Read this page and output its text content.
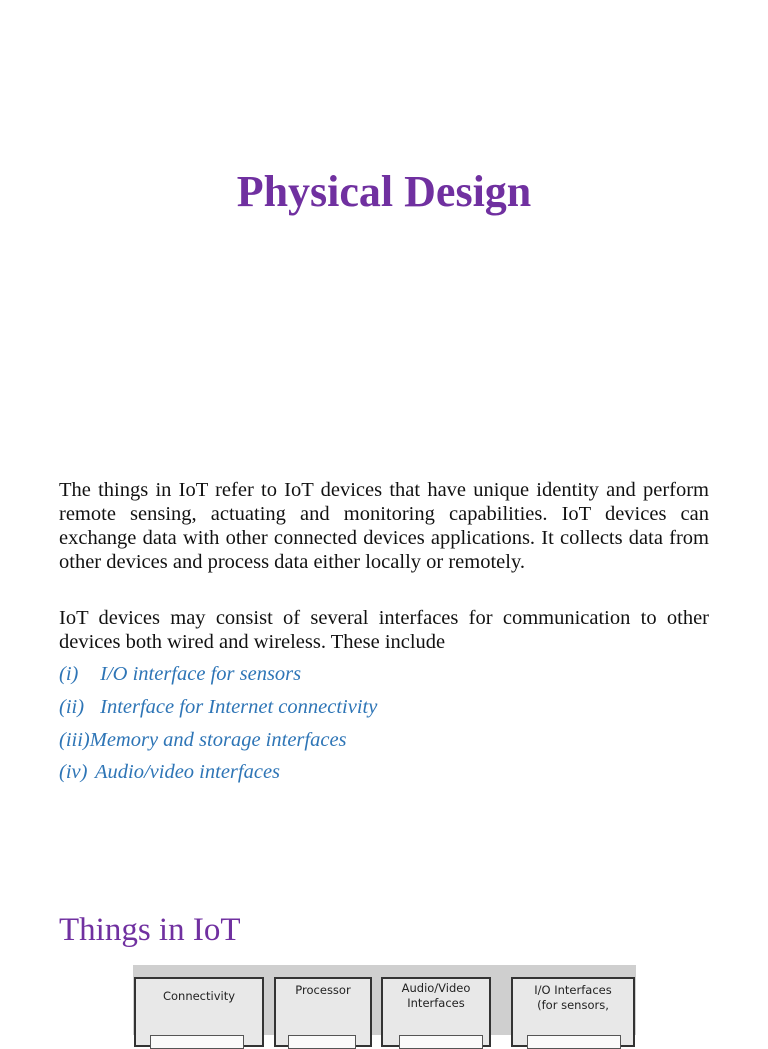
Physical Design

The things in IoT refer to IoT devices that have unique identity and perform remote sensing, actuating and monitoring capabilities. IoT devices can exchange data with other connected devices applications. It collects data from other devices and process data either locally or remotely.

IoT devices may consist of several interfaces for communication to other devices both wired and wireless. These include

(i) I/O interface for sensors
(ii) Interface for Internet connectivity
(iii)Memory and storage interfaces
(iv) Audio/video interfaces
Things in IoT
Connectivity	Processor	Audio/Video
Interfaces
I/O Interfaces
(for sensors,
